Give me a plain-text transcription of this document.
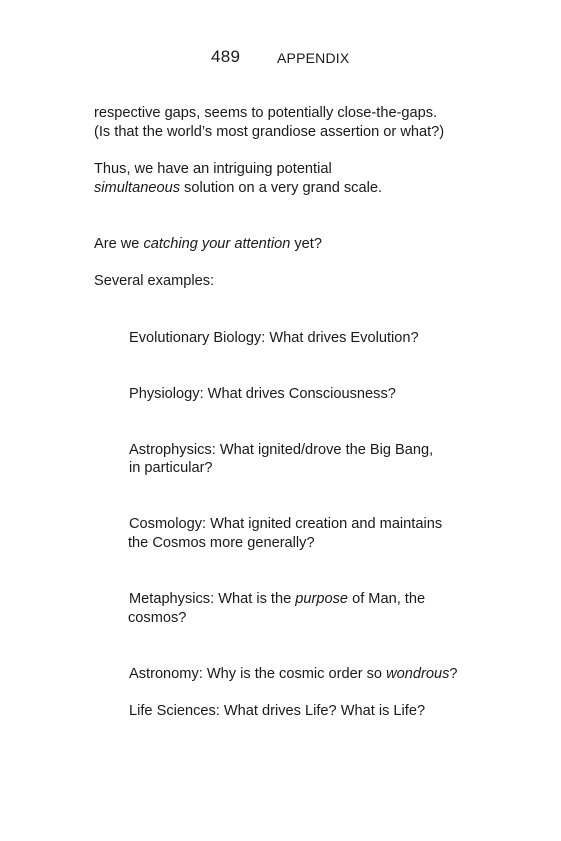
489	APPENDIX
respective gaps, seems to potentially close-the-gaps.
(Is that the world’s most grandiose assertion or what?)
Thus, we have an intriguing potential
simultaneous solution on a very grand scale.
Are we catching your attention yet?
Several examples:
Evolutionary Biology: What drives Evolution?
Physiology: What drives Consciousness?
Astrophysics: What ignited/drove the Big Bang,
in particular?
Cosmology: What ignited creation and maintains
the Cosmos more generally?
Metaphysics: What is the purpose of Man, the
cosmos?
Astronomy: Why is the cosmic order so wondrous?
Life Sciences: What drives Life? What is Life?
